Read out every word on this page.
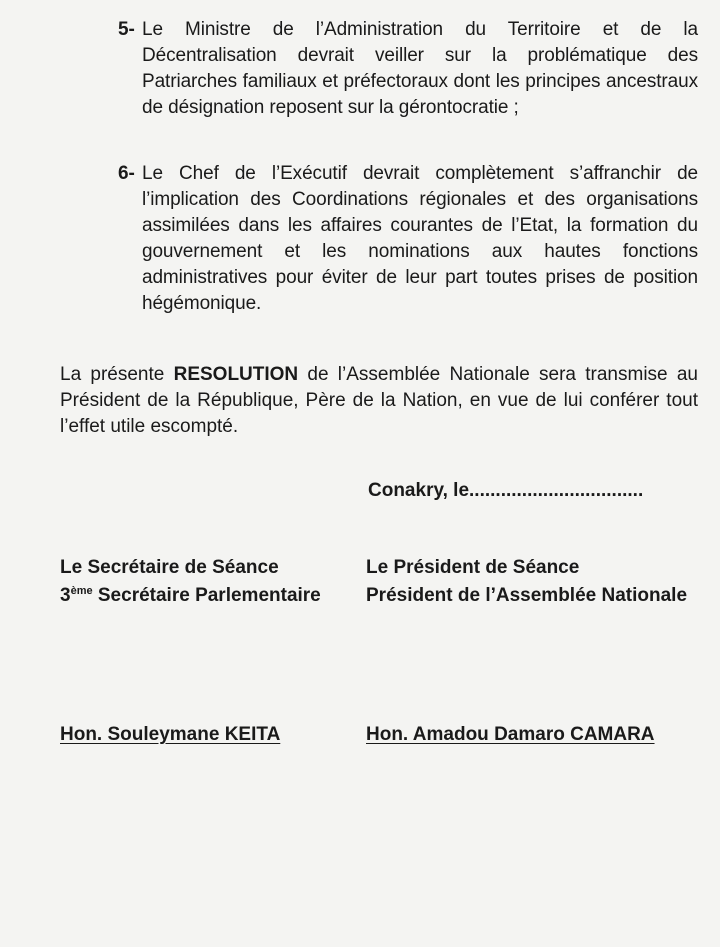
5- Le Ministre de l’Administration du Territoire et de la Décentralisation devrait veiller sur la problématique des Patriarches familiaux et préfectoraux dont les principes ancestraux de désignation reposent sur la gérontocratie ;
6- Le Chef de l’Exécutif devrait complètement s’affranchir de l’implication des Coordinations régionales et des organisations assimilées dans les affaires courantes de l’Etat, la formation du gouvernement et les nominations aux hautes fonctions administratives pour éviter de leur part toutes prises de position hégémonique.
La présente RESOLUTION de l’Assemblée Nationale sera transmise au Président de la République, Père de la Nation, en vue de lui conférer tout l’effet utile escompté.
Conakry, le.................................
Le Secrétaire de Séance
3ème Secrétaire Parlementaire
Le Président de Séance
Président de l’Assemblée Nationale
Hon. Souleymane KEITA	Hon. Amadou Damaro CAMARA
